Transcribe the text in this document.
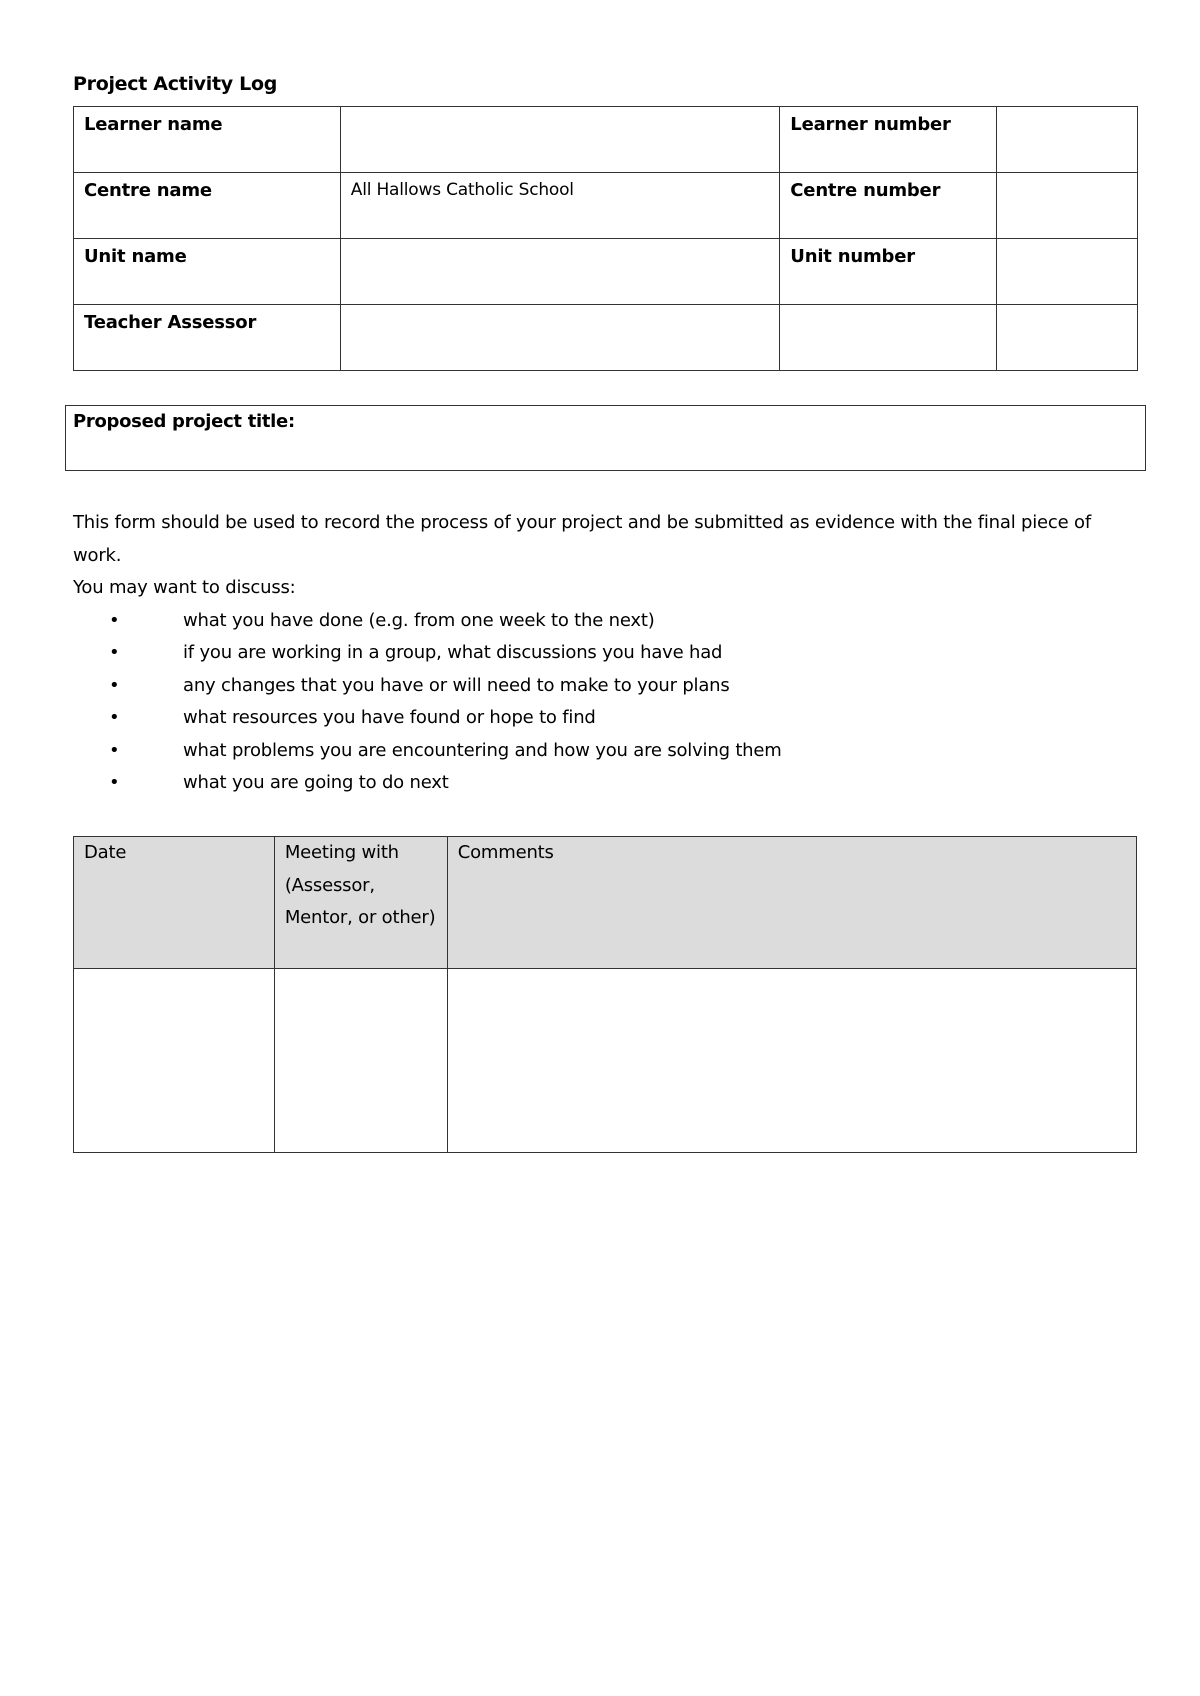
Project Activity Log
Learner name		Learner number	
Centre name	All Hallows Catholic School	Centre number	
Unit name		Unit number	
Teacher Assessor			
Proposed project title:

This form should be used to record the process of your project and be submitted as evidence with the final piece of work.

You may want to discuss:

•	what you have done (e.g. from one week to the next)
•	if you are working in a group, what discussions you have had
•	any changes that you have or will need to make to your plans
•	what resources you have found or hope to find
•	what problems you are encountering and how you are solving them
•	what you are going to do next
Date	Meeting with (Assessor, Mentor, or other)	Comments
